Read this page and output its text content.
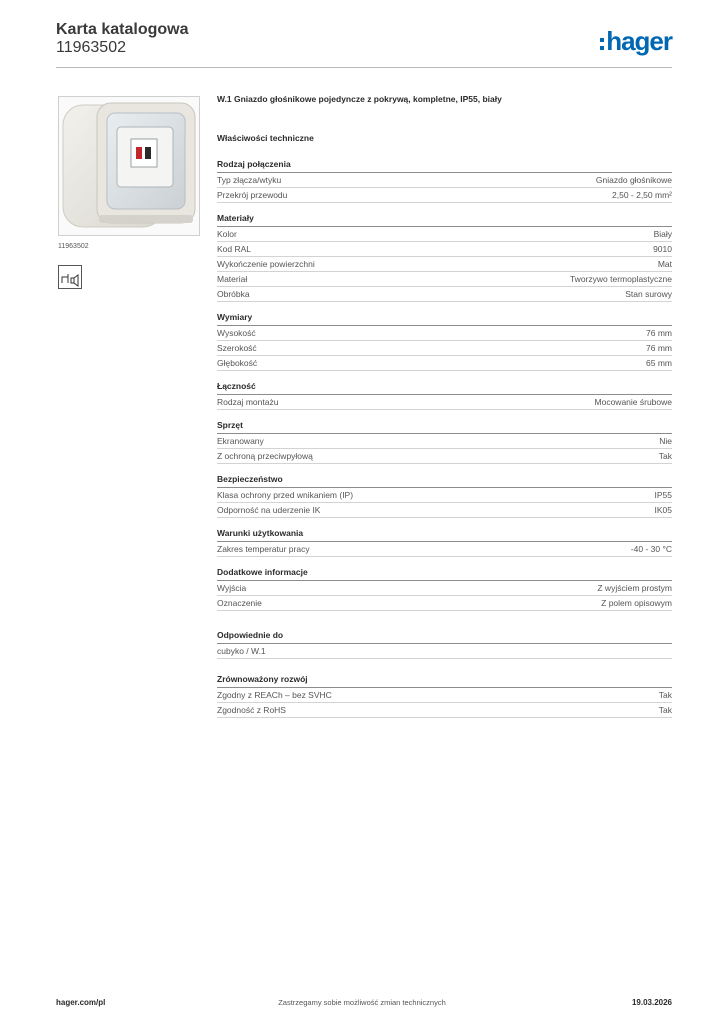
Karta katalogowa
11963502	hager
11963502
W.1 Gniazdo głośnikowe pojedyncze z pokrywą, kompletne, IP55, biały
Właściwości techniczne
Rodzaj połączenia
Typ złącza/wtyku	Gniazdo głośnikowe
Przekrój przewodu	2,50 - 2,50 mm²
Materiały
Kolor	Biały
Kod RAL	9010
Wykończenie powierzchni	Mat
Materiał	Tworzywo termoplastyczne
Obróbka	Stan surowy
Wymiary
Wysokość	76 mm
Szerokość	76 mm
Głębokość	65 mm
Łączność
Rodzaj montażu	Mocowanie śrubowe
Sprzęt
Ekranowany	Nie
Z ochroną przeciwpyłową	Tak
Bezpieczeństwo
Klasa ochrony przed wnikaniem (IP)	IP55
Odporność na uderzenie IK	IK05
Warunki użytkowania
Zakres temperatur pracy	-40 - 30 °C
Dodatkowe informacje
Wyjścia	Z wyjściem prostym
Oznaczenie	Z polem opisowym
Odpowiednie do
cubyko / W.1
Zrównoważony rozwój
Zgodny z REACh – bez SVHC	Tak
Zgodność z RoHS	Tak
hager.com/pl	Zastrzegamy sobie możliwość zmian technicznych	19.03.2026
